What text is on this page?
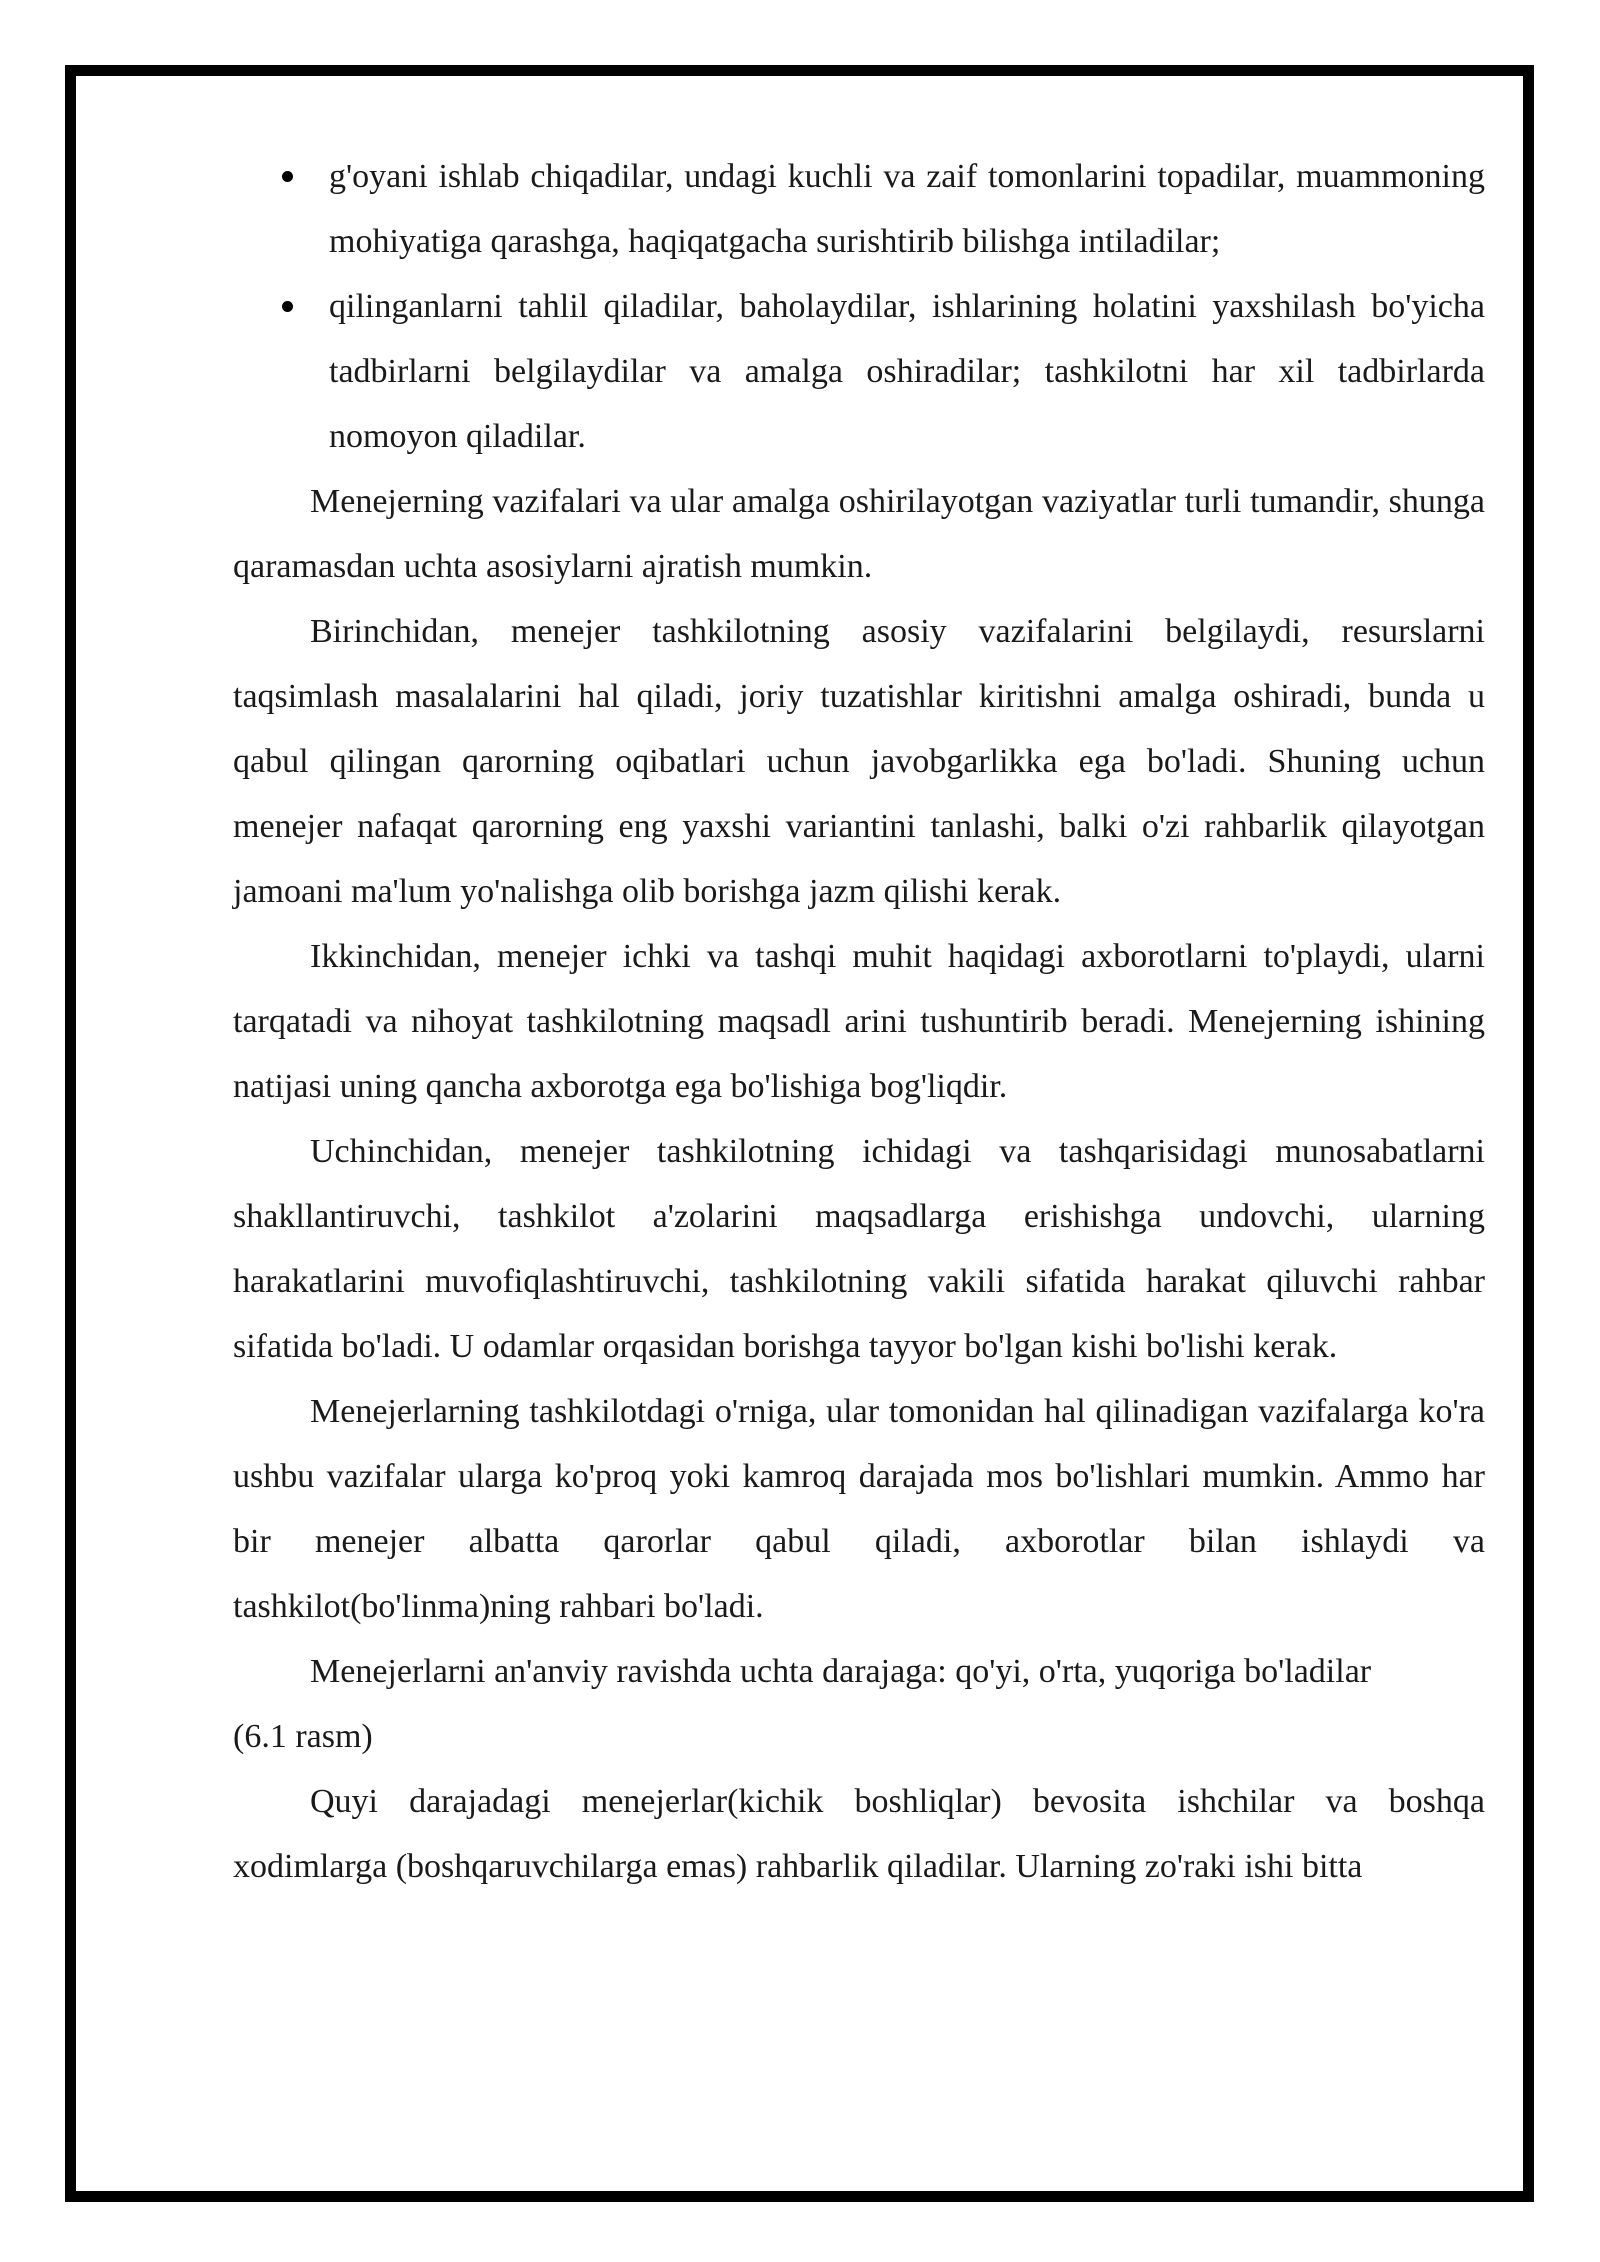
g'oyani ishlab chiqadilar, undagi kuchli va zaif tomonlarini topadilar, muammoning mohiyatiga qarashga, haqiqatgacha surishtirib bilishga intiladilar;
qilinganlarni tahlil qiladilar, baholaydilar, ishlarining holatini yaxshilash bo'yicha tadbirlarni belgilaydilar va amalga oshiradilar; tashkilotni har xil tadbirlarda nomoyon qiladilar.

Menejerning vazifalari va ular amalga oshirilayotgan vaziyatlar turli tumandir, shunga qaramasdan uchta asosiylarni ajratish mumkin.

Birinchidan, menejer tashkilotning asosiy vazifalarini belgilaydi, resurslarni taqsimlash masalalarini hal qiladi, joriy tuzatishlar kiritishni amalga oshiradi, bunda u qabul qilingan qarorning oqibatlari uchun javobgarlikka ega bo'ladi. Shuning uchun menejer nafaqat qarorning eng yaxshi variantini tanlashi, balki o'zi rahbarlik qilayotgan jamoani ma'lum yo'nalishga olib borishga jazm qilishi kerak.

Ikkinchidan, menejer ichki va tashqi muhit haqidagi axborotlarni to'playdi, ularni tarqatadi va nihoyat tashkilotning maqsadl arini tushuntirib beradi. Menejerning ishining natijasi uning qancha axborotga ega bo'lishiga bog'liqdir.

Uchinchidan, menejer tashkilotning ichidagi va tashqarisidagi munosabatlarni shakllantiruvchi, tashkilot a'zolarini maqsadlarga erishishga undovchi, ularning harakatlarini muvofiqlashtiruvchi, tashkilotning vakili sifatida harakat qiluvchi rahbar sifatida bo'ladi. U odamlar orqasidan borishga tayyor bo'lgan kishi bo'lishi kerak.

Menejerlarning tashkilotdagi o'rniga, ular tomonidan hal qilinadigan vazifalarga ko'ra ushbu vazifalar ularga ko'proq yoki kamroq darajada mos bo'lishlari mumkin. Ammo har bir menejer albatta qarorlar qabul qiladi, axborotlar bilan ishlaydi va tashkilot(bo'linma)ning rahbari bo'ladi.

Menejerlarni an'anviy ravishda uchta darajaga: qo'yi, o'rta, yuqoriga bo'ladilar

(6.1 rasm)

Quyi darajadagi menejerlar(kichik boshliqlar) bevosita ishchilar va boshqa xodimlarga (boshqaruvchilarga emas) rahbarlik qiladilar. Ularning zo'raki ishi bitta
